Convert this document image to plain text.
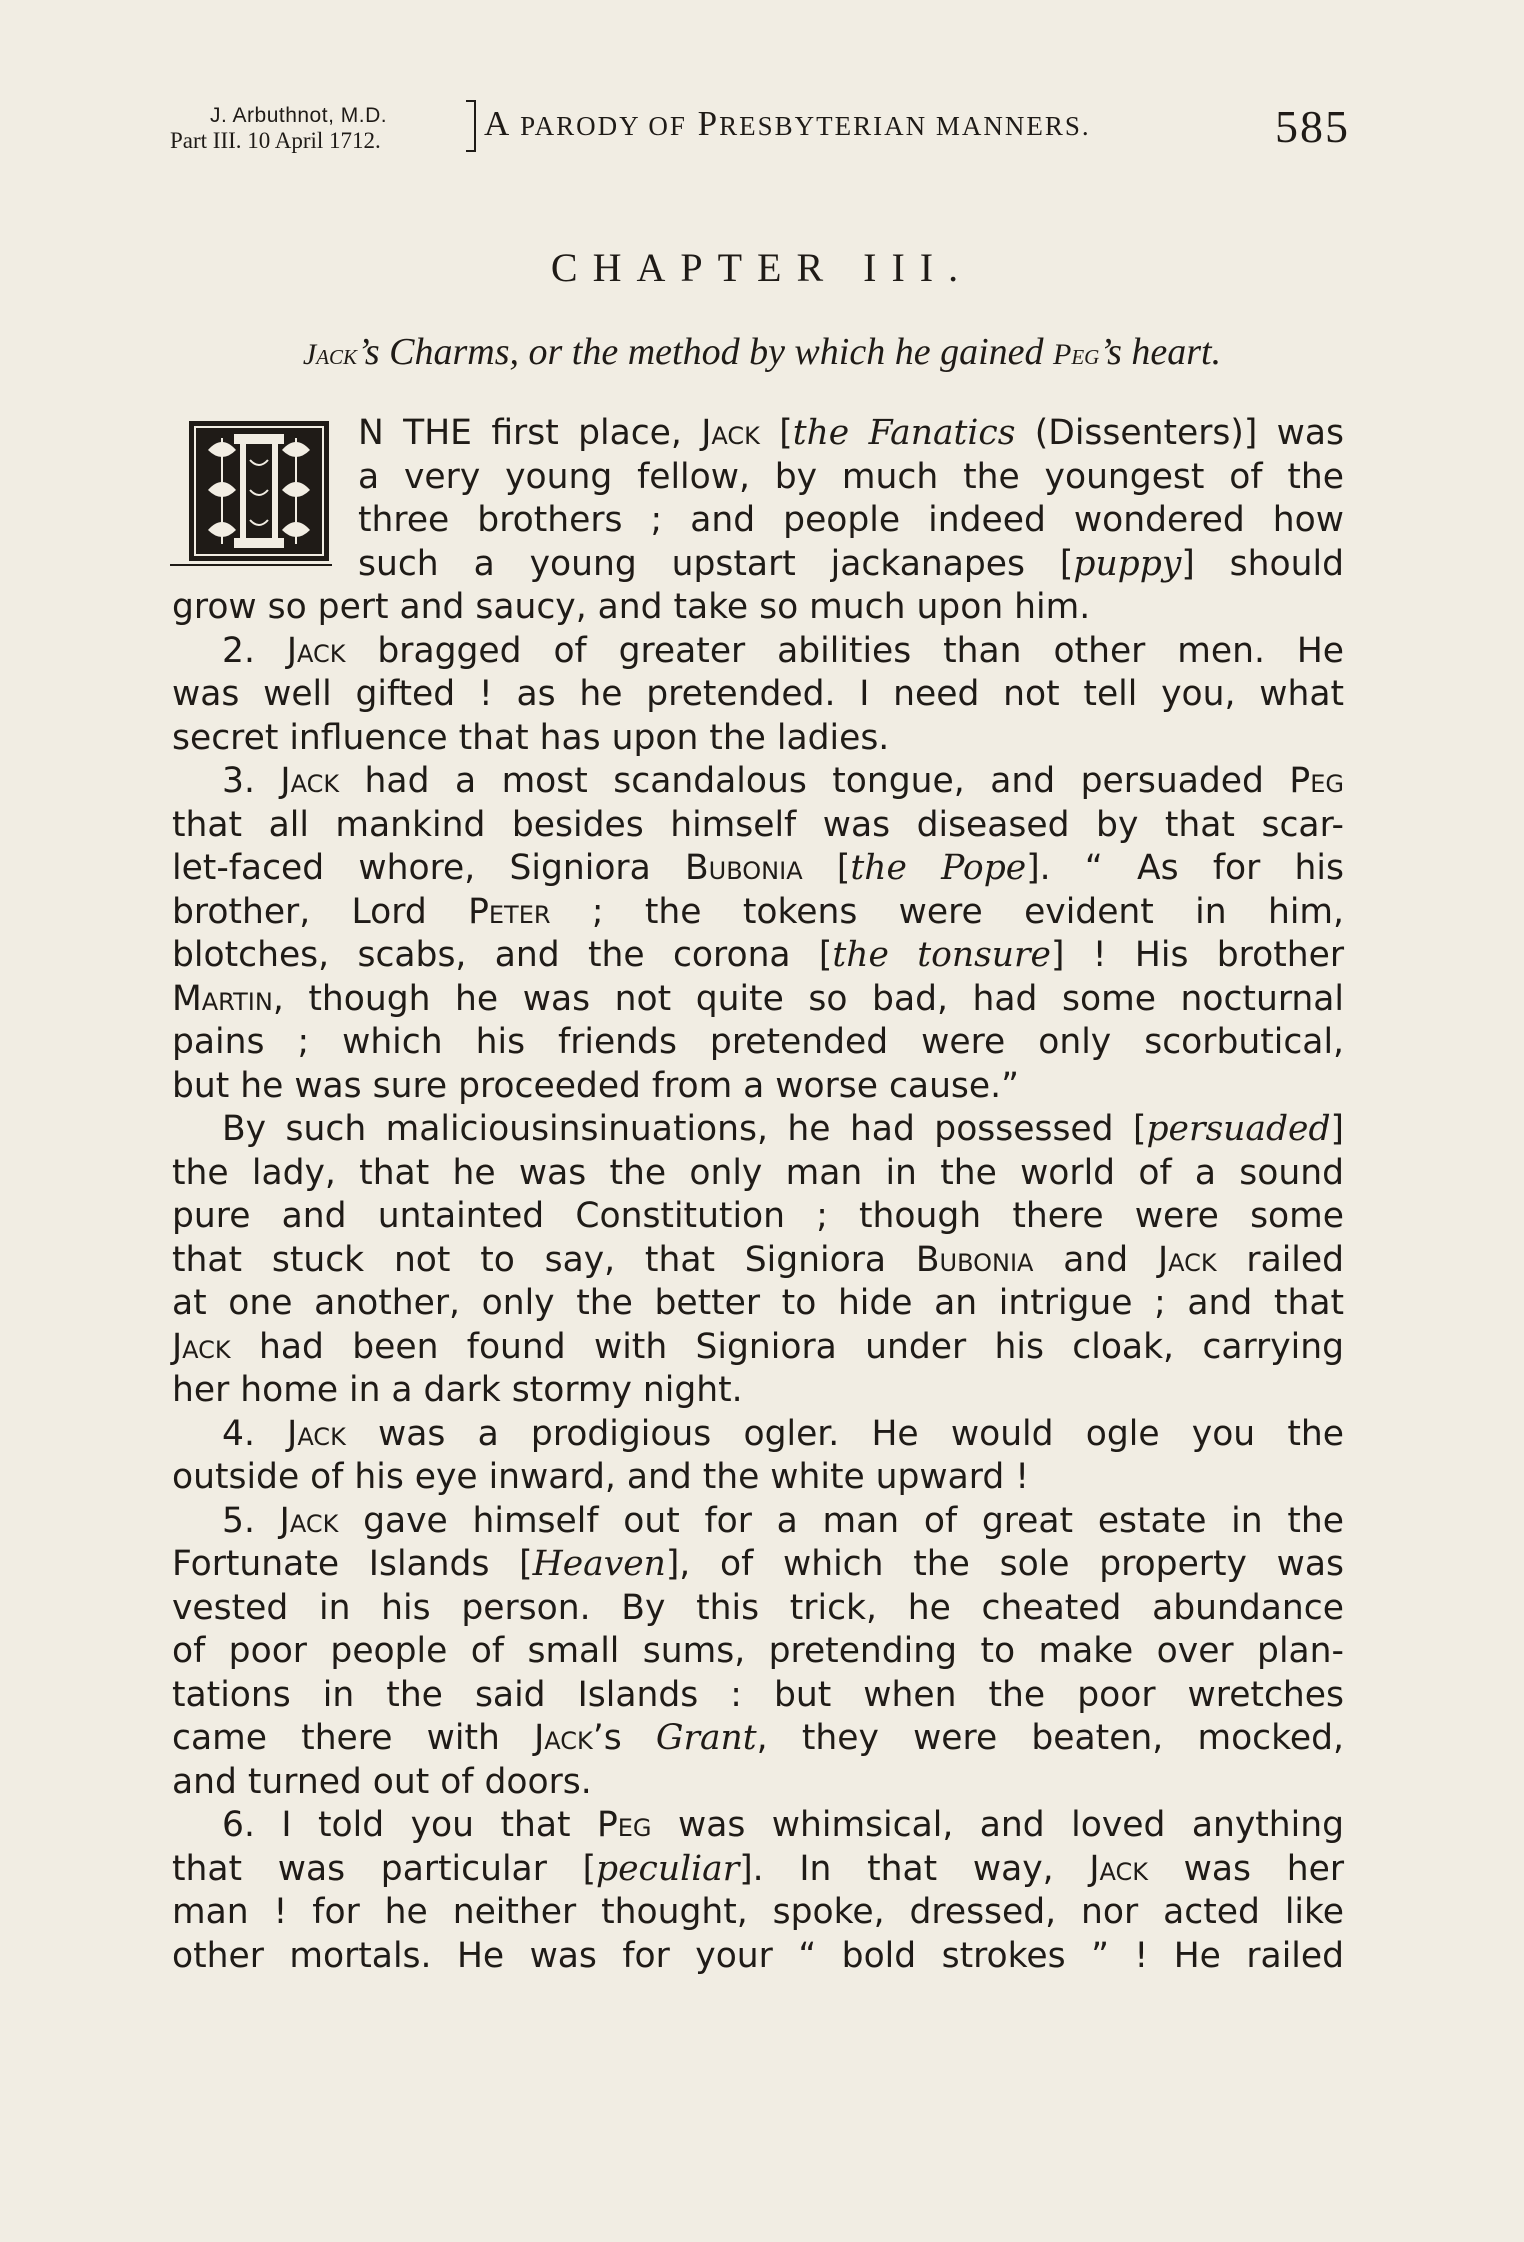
J. Arbuthnot, M.D.
Part III. 10 April 1712.	A PARODY OF PRESBYTERIAN MANNERS.	585
CHAPTER III.
Jack’s Charms, or the method by which he gained Peg’s heart.
N THE first place, Jack [the Fanatics (Dissenters)] was
a very young fellow, by much the youngest of the
three brothers ; and people indeed wondered how
such a young upstart jackanapes [puppy] should
grow so pert and saucy, and take so much upon him.
2. Jack bragged of greater abilities than other men. He
was well gifted ! as he pretended. I need not tell you, what
secret influence that has upon the ladies.
3. Jack had a most scandalous tongue, and persuaded Peg
that all mankind besides himself was diseased by that scar-
let-faced whore, Signiora Bubonia [the Pope]. “ As for his
brother, Lord Peter ; the tokens were evident in him,
blotches, scabs, and the corona [the tonsure] ! His brother
Martin, though he was not quite so bad, had some nocturnal
pains ; which his friends pretended were only scorbutical,
but he was sure proceeded from a worse cause.”
By such maliciousinsinuations, he had possessed [persuaded]
the lady, that he was the only man in the world of a sound
pure and untainted Constitution ; though there were some
that stuck not to say, that Signiora Bubonia and Jack railed
at one another, only the better to hide an intrigue ; and that
Jack had been found with Signiora under his cloak, carrying
her home in a dark stormy night.
4. Jack was a prodigious ogler. He would ogle you the
outside of his eye inward, and the white upward !
5. Jack gave himself out for a man of great estate in the
Fortunate Islands [Heaven], of which the sole property was
vested in his person. By this trick, he cheated abundance
of poor people of small sums, pretending to make over plan-
tations in the said Islands : but when the poor wretches
came there with Jack’s Grant, they were beaten, mocked,
and turned out of doors.
6. I told you that Peg was whimsical, and loved anything
that was particular [peculiar]. In that way, Jack was her
man ! for he neither thought, spoke, dressed, nor acted like
other mortals. He was for your “ bold strokes ” ! He railed
